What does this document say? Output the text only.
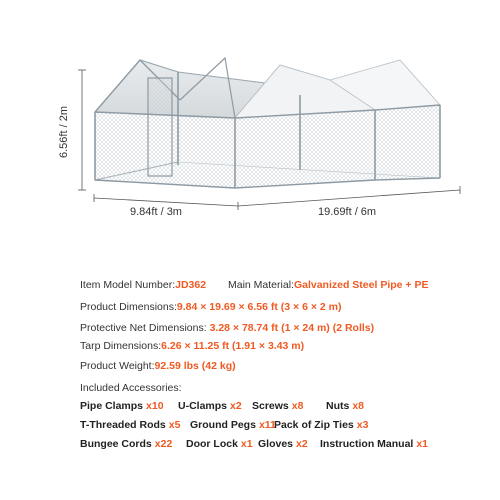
6.56ft / 2m
9.84ft / 3m	19.69ft / 6m
Item Model Number:JD362 Main Material:Galvanized Steel Pipe + PE
Product Dimensions:9.84 × 19.69 × 6.56 ft (3 × 6 × 2 m)
Protective Net Dimensions: 3.28 × 78.74 ft (1 × 24 m) (2 Rolls)
Tarp Dimensions:6.26 × 11.25 ft (1.91 × 3.43 m)
Product Weight:92.59 lbs (42 kg)
Included Accessories:
Pipe Clamps x10 U-Clamps x2 Screws x8 Nuts x8
T-Threaded Rods x5 Ground Pegs x11
Pack of Zip Ties x3
Bungee Cords x22 Door Lock x1 Gloves x2 Instruction Manual x1
